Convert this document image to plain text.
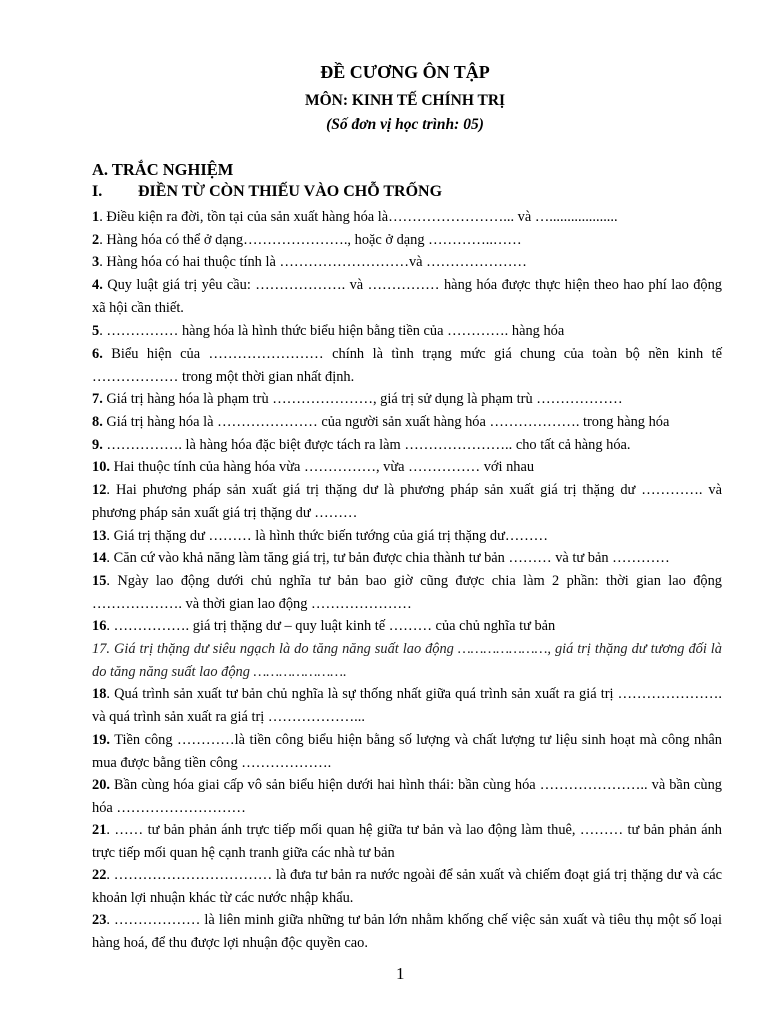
ĐỀ CƯƠNG ÔN TẬP
MÔN: KINH TẾ CHÍNH TRỊ
(Số đơn vị học trình: 05)
A. TRẮC NGHIỆM
I. ĐIỀN TỪ CÒN THIẾU VÀO CHỖ TRỐNG
1. Điều kiện ra đời, tồn tại của sản xuất hàng hóa là……………………... và …...................
2. Hàng hóa có thể ở dạng…………………., hoặc ở dạng …………..……
3. Hàng hóa có hai thuộc tính là ………………………và …………………
4. Quy luật giá trị yêu cầu: ………………. và …………… hàng hóa được thực hiện theo hao phí lao động xã hội cần thiết.
5. …………… hàng hóa là hình thức biểu hiện bằng tiền của …………. hàng hóa
6. Biểu hiện của …………………… chính là tình trạng mức giá chung của toàn bộ nền kinh tế ……………… trong một thời gian nhất định.
7. Giá trị hàng hóa là phạm trù …………………, giá trị sử dụng là phạm trù ………………
8. Giá trị hàng hóa là ………………… của người sản xuất hàng hóa ………………. trong hàng hóa
9. ……………. là hàng hóa đặc biệt được tách ra làm ………………….. cho tất cả hàng hóa.
10. Hai thuộc tính của hàng hóa vừa ……………, vừa …………… với nhau
12. Hai phương pháp sản xuất giá trị thặng dư là phương pháp sản xuất giá trị thặng dư …………. và phương pháp sản xuất giá trị thặng dư ………
13. Giá trị thặng dư ……… là hình thức biến tướng của giá trị thặng dư………
14. Căn cứ vào khả năng làm tăng giá trị, tư bản được chia thành tư bản ……… và tư bản …………
15. Ngày lao động dưới chủ nghĩa tư bản bao giờ cũng được chia làm 2 phần: thời gian lao động ………………. và thời gian lao động …………………
16. ……………. giá trị thặng dư – quy luật kinh tế ……… của chủ nghĩa tư bản
17. Giá trị thặng dư siêu ngạch là do tăng năng suất lao động …………………, giá trị thặng dư tương đối là do tăng năng suất lao động ………………….
18. Quá trình sản xuất tư bản chủ nghĩa là sự thống nhất giữa quá trình sản xuất ra giá trị …………………. và quá trình sản xuất ra giá trị ………………...
19. Tiền công …………là tiền công biểu hiện bằng số lượng và chất lượng tư liệu sinh hoạt mà công nhân mua được bằng tiền công ……………….
20. Bần cùng hóa giai cấp vô sản biểu hiện dưới hai hình thái: bần cùng hóa ………………….. và bần cùng hóa ………………………
21. …… tư bản phản ánh trực tiếp mối quan hệ giữa tư bản và lao động làm thuê, ……… tư bản phản ánh trực tiếp mối quan hệ cạnh tranh giữa các nhà tư bản
22. …………………………… là đưa tư bản ra nước ngoài để sản xuất và chiếm đoạt giá trị thặng dư và các khoản lợi nhuận khác từ các nước nhập khẩu.
23. ……………… là liên minh giữa những tư bản lớn nhằm khống chế việc sản xuất và tiêu thụ một số loại hàng hoá, để thu được lợi nhuận độc quyền cao.
1
